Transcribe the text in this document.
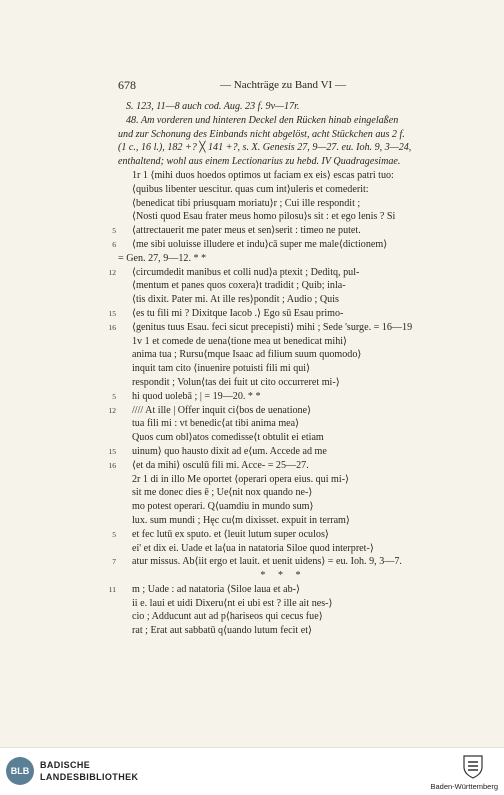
678	— Nachträge zu Band VI —
S. 123, 11—8 auch cod. Aug. 23 f. 9v—17r.
48. Am vorderen und hinteren Deckel den Rücken hinab eingelaßen
und zur Schonung des Einbands nicht abgelöst, acht Stückchen aus 2 f.
(1 c., 16 l.), 182 +? ╳ 141 +?, s. X. Genesis 27, 9—27. eu. Ioh. 9, 3—24,
enthaltend; wohl aus einem Lectionarius zu hebd. IV Quadragesimae.
1r 1 ⟨mihi duos hoedos optimos ut faciam ex eis⟩ escas patri tuo:
⟨quibus libenter uescitur. quas cum int⟩uleris et comederit:
⟨benedicat tibi priusquam moriatu⟩r ; Cui ille respondit ;
⟨Nosti quod Esau frater meus homo pilosu⟩s sit : et ego lenis ? Si
5 ⟨attrectauerit me pater meus et sen⟩serit : timeo ne putet.
6 ⟨me sibi uoluisse illudere et indu⟩cā super me male⟨dictionem⟩
= Gen. 27, 9—12. * *
12 ⟨circumdedit manibus et colli nud⟩a ptexit ; Deditq, pul-
⟨mentum et panes quos coxera⟩t tradidit ; Quib; inla-
⟨tis dixit. Pater mi. At ille res⟩pondit ; Audio ; Quis
15 ⟨es tu fili mi ? Dixitque Iacob .⟩ Ego sū Esau primo-
16 ⟨genitus tuus Esau. feci sicut precepisti⟩ mihi ; Sede 'surge. = 16—19
1v 1 et comede de uena⟨tione mea ut benedicat mihi⟩
anima tua ; Rursu⟨mque Isaac ad filium suum quomodo⟩
inquit tam cito ⟨inuenire potuisti fili mi qui⟩
respondit ; Volun⟨tas dei fuit ut cito occurreret mi-⟩
5 hi quod uolebā ; | = 19—20. * *
12 //// At ille | Offer inquit ci⟨bos de uenatione⟩
tua fili mi : vt benedic⟨at tibi anima mea⟩
Quos cum obl⟩atos comedisse⟨t obtulit ei etiam
15 uinum⟩ quo hausto dixit ad e⟨um. Accede ad me
16 ⟨et da mihi⟩ osculū fili mi. Acce- = 25—27.
2r 1 di in illo Me oportet ⟨operari opera eius. qui mi-⟩
sit me donec dies ē ; Ue⟨nit nox quando ne-⟩
mo potest operari. Q⟨uamdiu in mundo sum⟩
lux. sum mundi ; Hęc cu⟨m dixisset. expuit in terram⟩
5 et fec lutū ex sputo. et ⟨leuit lutum super oculos⟩
ei' et dix ei. Uade et la⟨ua in natatoria Siloe quod interpret-⟩
7 atur missus. Ab⟨iit ergo et lauit. et uenit uidens⟩ = eu. Ioh. 9, 3—7.
* * *
11 m ; Uade : ad natatoria ⟨Siloe laua et ab-⟩
ii e. laui et uidi Dixeru⟨nt ei ubi est ? ille ait nes-⟩
cio ; Adducunt aut ad p⟨hariseos qui cecus fue⟩
rat ; Erat aut sabbatū q⟨uando lutum fecit et⟩
BLB
BADISCHE
LANDESBIBLIOTHEK
Baden-Württemberg
